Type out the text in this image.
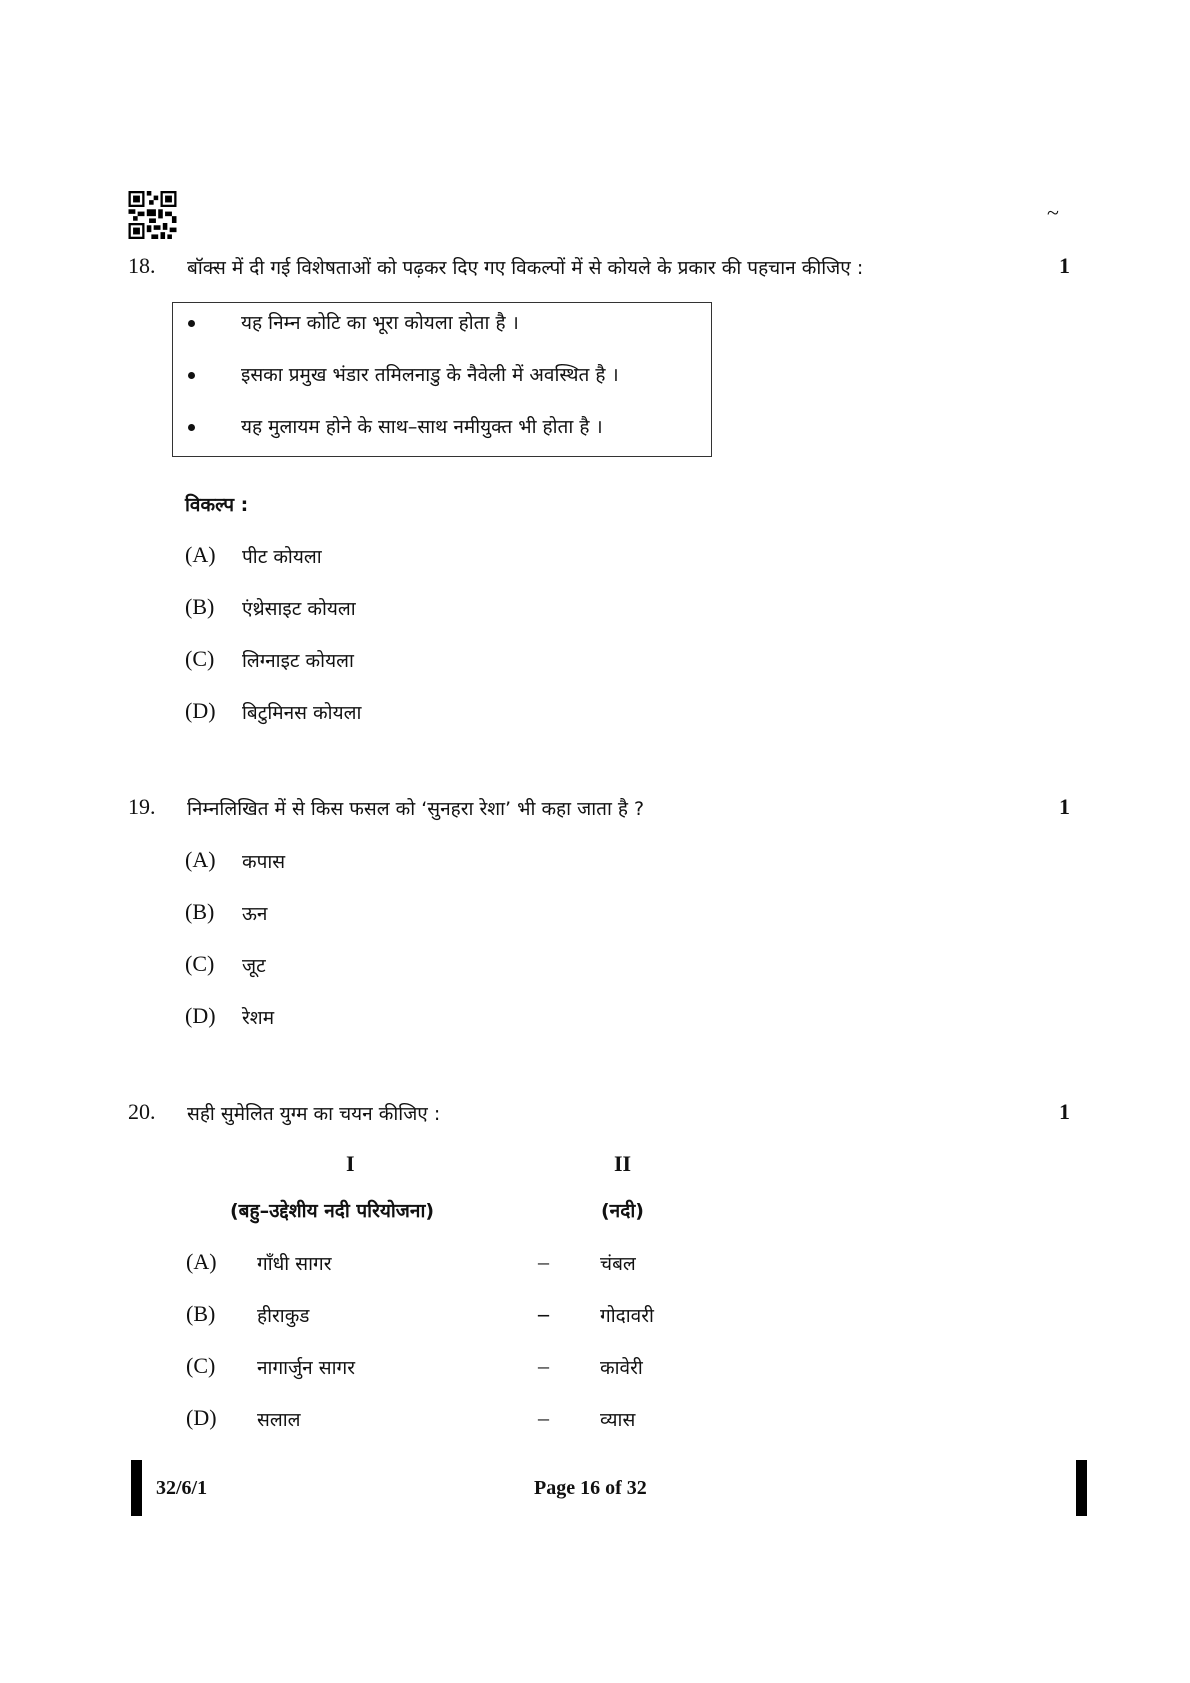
~
18. बॉक्स में दी गई विशेषताओं को पढ़कर दिए गए विकल्पों में से कोयले के प्रकार की पहचान कीजिए :	1
यह निम्न कोटि का भूरा कोयला होता है ।
इसका प्रमुख भंडार तमिलनाडु के नैवेली में अवस्थित है ।
यह मुलायम होने के साथ–साथ नमीयुक्त भी होता है ।
विकल्प :
(A) पीट कोयला
(B) एंथ्रेसाइट कोयला
(C) लिग्नाइट कोयला
(D) बिटुमिनस कोयला
19. निम्नलिखित में से किस फसल को ‘सुनहरा रेशा’ भी कहा जाता है ?	1
(A) कपास
(B) ऊन
(C) जूट
(D) रेशम
20. सही सुमेलित युग्म का चयन कीजिए :	1
I	II
(बहु–उद्देशीय नदी परियोजना)	(नदी)
(A) गाँधी सागर	–	चंबल
(B) हीराकुड	–	गोदावरी
(C) नागार्जुन सागर	–	कावेरी
(D) सलाल	–	व्यास
32/6/1	Page 16 of 32
